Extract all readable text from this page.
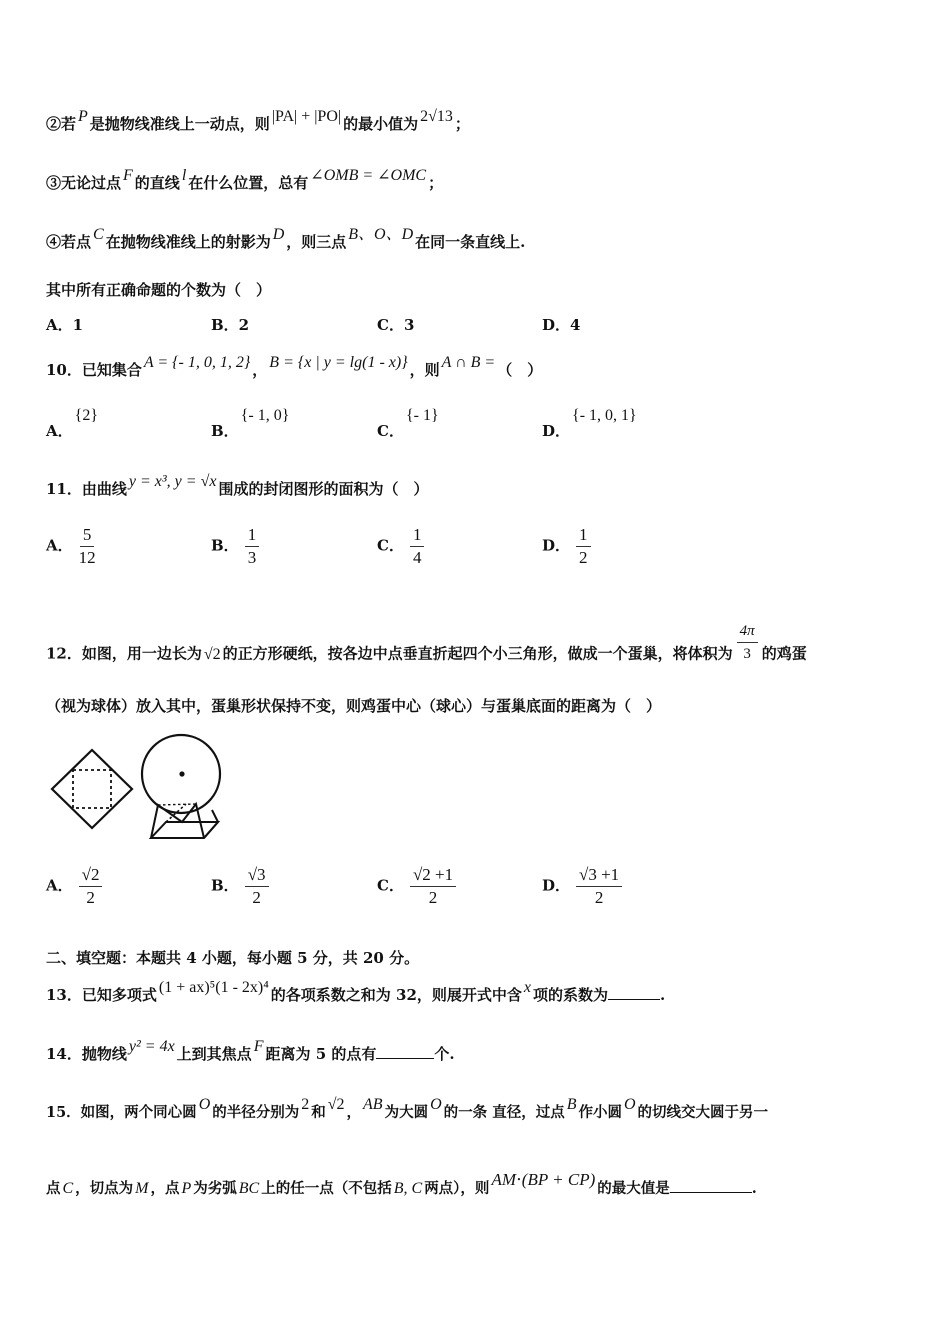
②若 P 是抛物线准线上一动点，则 |PA| + |PO| 的最小值为 2√13 ；
③无论过点 F 的直线 l 在什么位置，总有 ∠OMB = ∠OMC ；
④若点 C 在抛物线准线上的射影为 D ，则三点 B、O、D 在同一条直线上.
其中所有正确命题的个数为（　）
A．1	B．2	C．3	D．4
10．已知集合 A = {- 1, 0, 1, 2} ， B = {x | y = lg(1 - x)} ，则 A ∩ B = （　）
A．{2}
B．{- 1, 0}
C．{- 1}
D．{- 1, 0, 1}
11．由曲线 y = x³, y = √x 围成的封闭图形的面积为（　）
A． $\frac{5}{12}$	B． $\frac{1}{3}$	C． $\frac{1}{4}$	D． $\frac{1}{2}$
12．如图，用一边长为 √2 的正方形硬纸，按各边中点垂直折起四个小三角形，做成一个蛋巢，将体积为 $\frac{4\pi}{3}$ 的鸡蛋
（视为球体）放入其中，蛋巢形状保持不变，则鸡蛋中心（球心）与蛋巢底面的距离为（　）
A． $\frac{√2}{2}$	B． $\frac{√3}{2}$	C． $\frac{√2 +1}{2}$	D． $\frac{√3 +1}{2}$
二、填空题：本题共 4 小题，每小题 5 分，共 20 分。
13．已知多项式 (1 + ax)⁵(1 - 2x)⁴ 的各项系数之和为 32，则展开式中含 x 项的系数为	.
14．抛物线 y² = 4x 上到其焦点 F 距离为 5 的点有	个.
15．如图，两个同心圆 O 的半径分别为 2 和 √2 ， AB 为大圆 O 的一条 直径，过点 B 作小圆 O 的切线交大圆于另一
点 C ，切点为 M ，点 P 为劣弧 BC 上的任一点（不包括 B, C 两点），则 AM⋅(BP + CP) 的最大值是	.
